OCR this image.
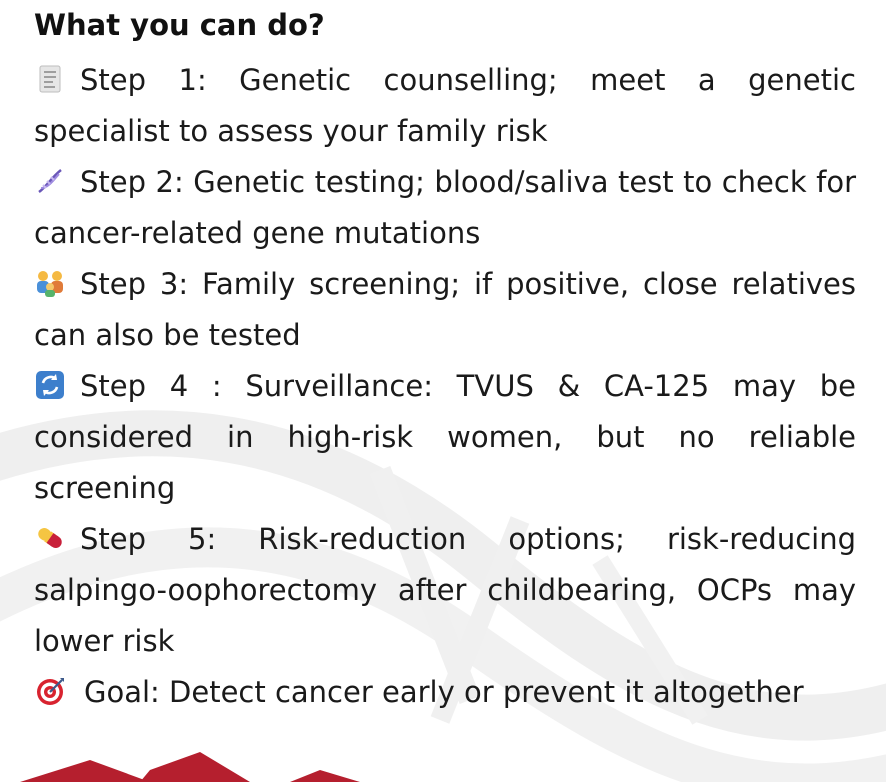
What you can do?

Step 1: Genetic counselling; meet a genetic specialist to assess your family risk

Step 2: Genetic testing; blood/saliva test to check for cancer-related gene mutations

Step 3: Family screening; if positive, close relatives can also be tested

Step 4 : Surveillance: TVUS & CA-125 may be considered in high-risk women, but no reliable screening

Step 5: Risk-reduction options; risk-reducing salpingo-oophorectomy after childbearing, OCPs may lower risk

Goal: Detect cancer early or prevent it altogether
